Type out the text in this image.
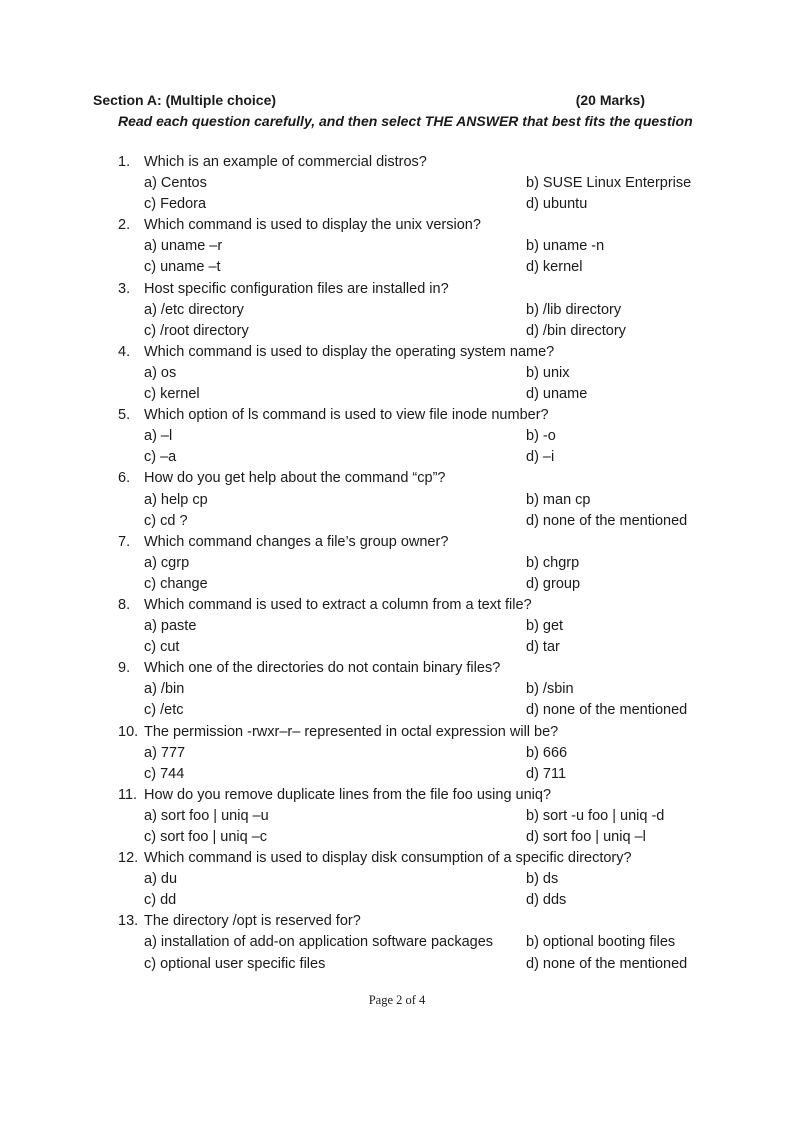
Section A: (Multiple choice)	(20 Marks)
Read each question carefully, and then select THE ANSWER that best fits the question
1. Which is an example of commercial distros?
a) Centos	b) SUSE Linux Enterprise
c) Fedora	d) ubuntu
2. Which command is used to display the unix version?
a) uname –r	b) uname -n
c) uname –t	d) kernel
3. Host specific configuration files are installed in?
a) /etc directory	b) /lib directory
c) /root directory	d) /bin directory
4. Which command is used to display the operating system name?
a) os	b) unix
c) kernel	d) uname
5. Which option of ls command is used to view file inode number?
a) –l	b) -o
c) –a	d) –i
6. How do you get help about the command “cp”?
a) help cp	b) man cp
c) cd ?	d) none of the mentioned
7. Which command changes a file’s group owner?
a) cgrp	b) chgrp
c) change	d) group
8. Which command is used to extract a column from a text file?
a) paste	b) get
c) cut	d) tar
9. Which one of the directories do not contain binary files?
a) /bin	b) /sbin
c) /etc	d) none of the mentioned
10. The permission -rwxr–r– represented in octal expression will be?
a) 777	b) 666
c) 744	d) 711
11. How do you remove duplicate lines from the file foo using uniq?
a) sort foo | uniq –u	b) sort -u foo | uniq -d
c) sort foo | uniq –c	d) sort foo | uniq –l
12. Which command is used to display disk consumption of a specific directory?
a) du	b) ds
c) dd	d) dds
13. The directory /opt is reserved for?
a) installation of add-on application software packages	b) optional booting files
c) optional user specific files	d) none of the mentioned
Page 2 of 4
